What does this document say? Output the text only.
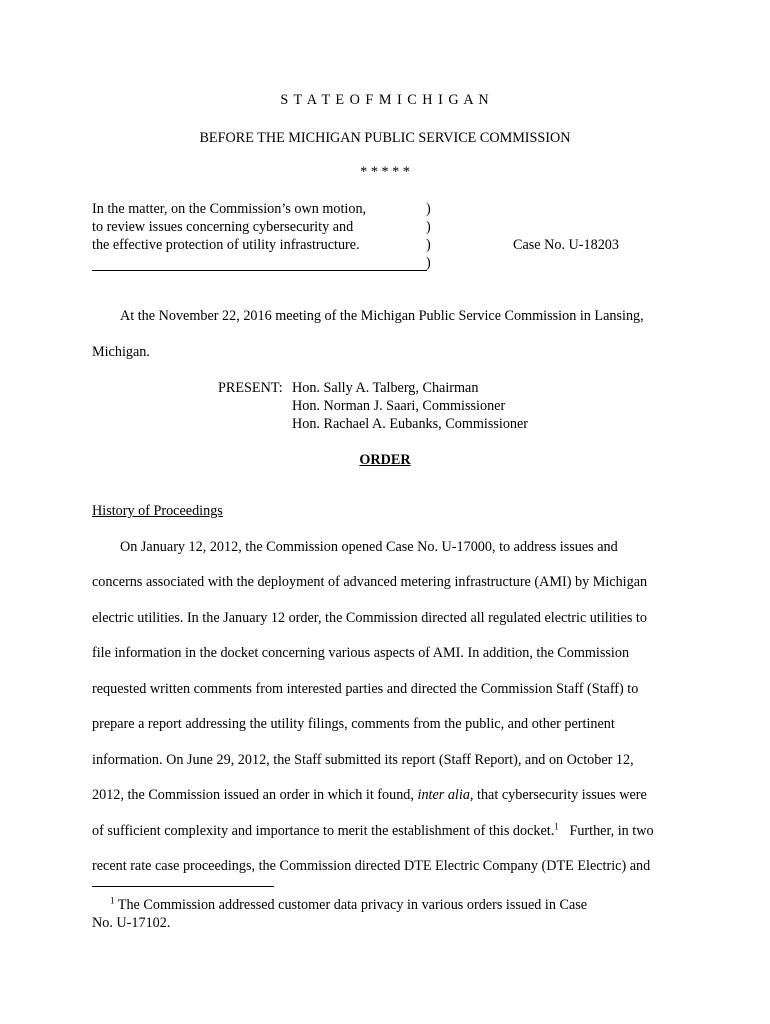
S T A T E O F M I C H I G A N
BEFORE THE MICHIGAN PUBLIC SERVICE COMMISSION
* * * * *
In the matter, on the Commission’s own motion,
to review issues concerning cybersecurity and
the effective protection of utility infrastructure.
)
)
)
)
Case No. U-18203
At the November 22, 2016 meeting of the Michigan Public Service Commission in Lansing,
Michigan.
PRESENT: Hon. Sally A. Talberg, Chairman
Hon. Norman J. Saari, Commissioner
Hon. Rachael A. Eubanks, Commissioner
ORDER
History of Proceedings
On January 12, 2012, the Commission opened Case No. U-17000, to address issues and
concerns associated with the deployment of advanced metering infrastructure (AMI) by Michigan
electric utilities. In the January 12 order, the Commission directed all regulated electric utilities to
file information in the docket concerning various aspects of AMI. In addition, the Commission
requested written comments from interested parties and directed the Commission Staff (Staff) to
prepare a report addressing the utility filings, comments from the public, and other pertinent
information. On June 29, 2012, the Staff submitted its report (Staff Report), and on October 12,
2012, the Commission issued an order in which it found, inter alia, that cybersecurity issues were
of sufficient complexity and importance to merit the establishment of this docket.$^1$   Further, in two
recent rate case proceedings, the Commission directed DTE Electric Company (DTE Electric) and
$^1$ The Commission addressed customer data privacy in various orders issued in Case
No. U-17102.
